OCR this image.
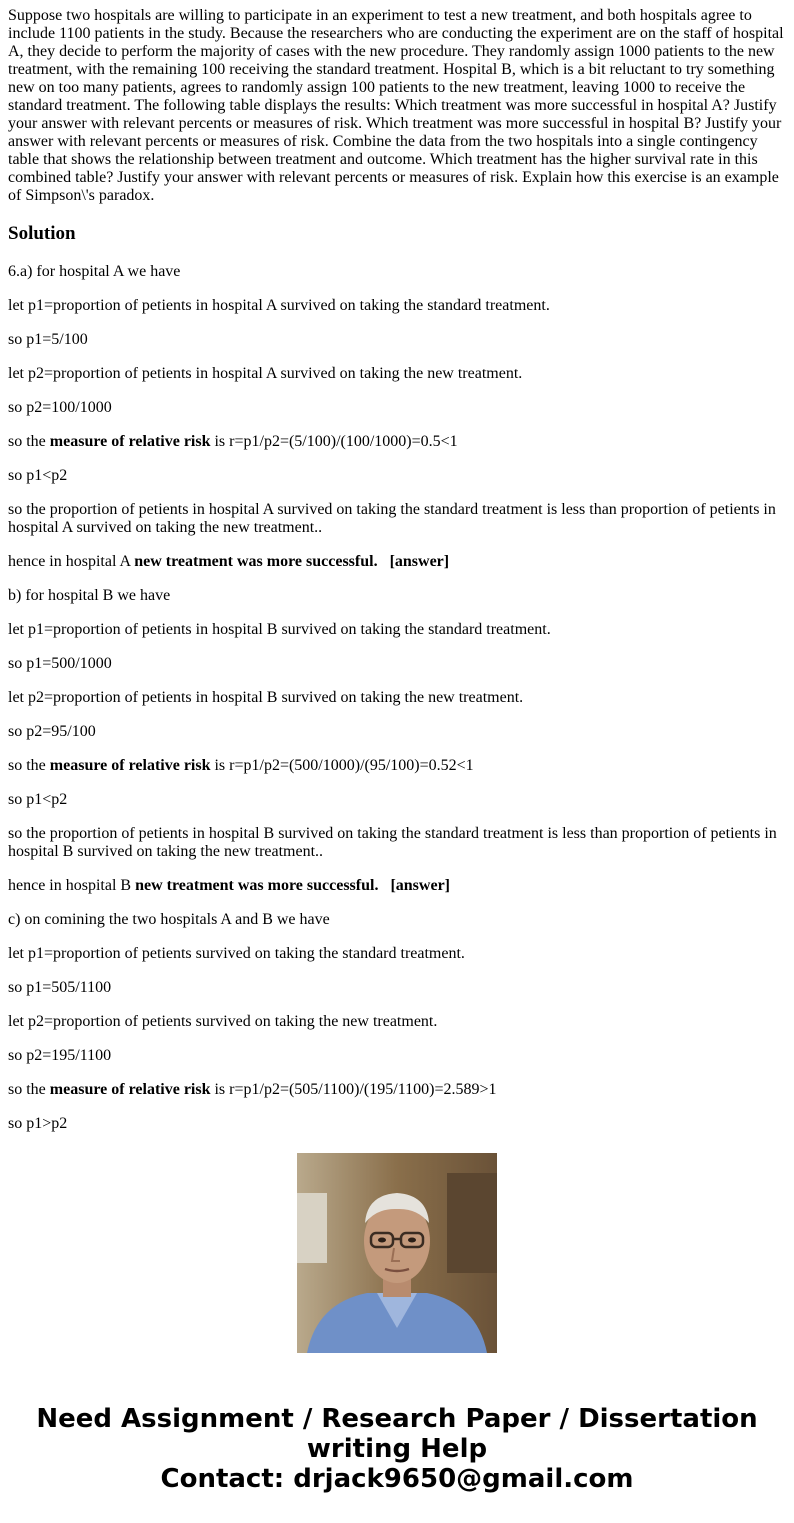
Suppose two hospitals are willing to participate in an experiment to test a new treatment, and both hospitals agree to include 1100 patients in the study. Because the researchers who are conducting the experiment are on the staff of hospital A, they decide to perform the majority of cases with the new procedure. They randomly assign 1000 patients to the new treatment, with the remaining 100 receiving the standard treatment. Hospital B, which is a bit reluctant to try something new on too many patients, agrees to randomly assign 100 patients to the new treatment, leaving 1000 to receive the standard treatment. The following table displays the results: Which treatment was more successful in hospital A? Justify your answer with relevant percents or measures of risk. Which treatment was more successful in hospital B? Justify your answer with relevant percents or measures of risk. Combine the data from the two hospitals into a single contingency table that shows the relationship between treatment and outcome. Which treatment has the higher survival rate in this combined table? Justify your answer with relevant percents or measures of risk. Explain how this exercise is an example of Simpson\'s paradox.

Solution

6.a) for hospital A we have

let p1=proportion of petients in hospital A survived on taking the standard treatment.

so p1=5/100

let p2=proportion of petients in hospital A survived on taking the new treatment.

so p2=100/1000

so the measure of relative risk is r=p1/p2=(5/100)/(100/1000)=0.5<1

so p1<p2

so the proportion of petients in hospital A survived on taking the standard treatment is less than proportion of petients in hospital A survived on taking the new treatment..

hence in hospital A new treatment was more successful.   [answer]

b) for hospital B we have

let p1=proportion of petients in hospital B survived on taking the standard treatment.

so p1=500/1000

let p2=proportion of petients in hospital B survived on taking the new treatment.

so p2=95/100

so the measure of relative risk is r=p1/p2=(500/1000)/(95/100)=0.52<1

so p1<p2

so the proportion of petients in hospital B survived on taking the standard treatment is less than proportion of petients in hospital B survived on taking the new treatment..

hence in hospital B new treatment was more successful.   [answer]

c) on comining the two hospitals A and B we have

let p1=proportion of petients survived on taking the standard treatment.

so p1=505/1100

let p2=proportion of petients survived on taking the new treatment.

so p2=195/1100

so the measure of relative risk is r=p1/p2=(505/1100)/(195/1100)=2.589>1

so p1>p2

Need Assignment / Research Paper / Dissertation
writing Help
Contact: drjack9650@gmail.com
